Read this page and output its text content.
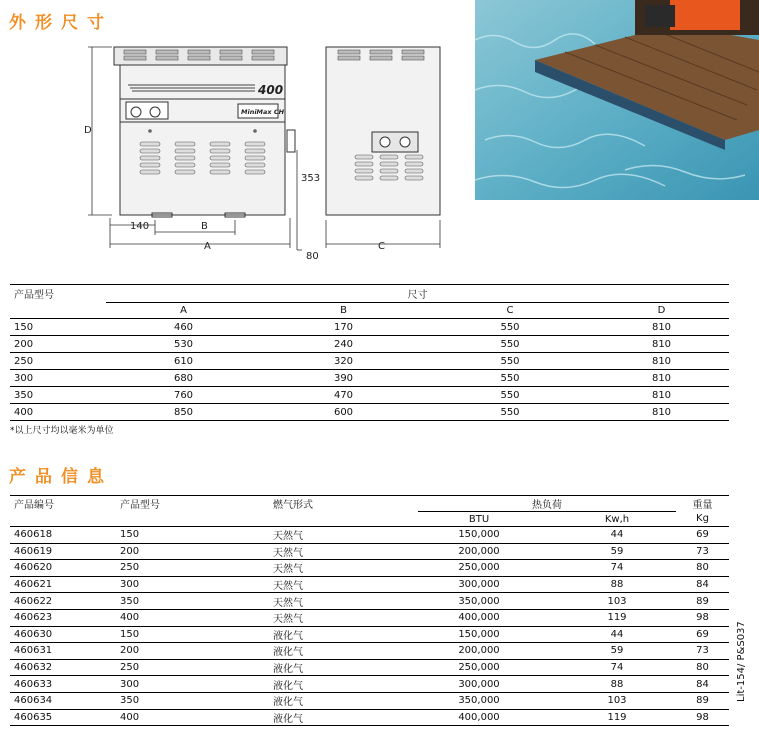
外形尺寸
400
MiniMax CH
D
B
A	C
140
353
80
产品型号	尺寸			
	A	B	C	D
150	460	170	550	810
200	530	240	550	810
250	610	320	550	810
300	680	390	550	810
350	760	470	550	810
400	850	600	550	810

*以上尺寸均以毫米为单位

产品信息
产品编号	产品型号	燃气形式	热负荷		重量
			BTU	Kw,h	Kg
460618	150	天然气	150,000	44	69
460619	200	天然气	200,000	59	73
460620	250	天然气	250,000	74	80
460621	300	天然气	300,000	88	84
460622	350	天然气	350,000	103	89
460623	400	天然气	400,000	119	98
460630	150	液化气	150,000	44	69
460631	200	液化气	200,000	59	73
460632	250	液化气	250,000	74	80
460633	300	液化气	300,000	88	84
460634	350	液化气	350,000	103	89
460635	400	液化气	400,000	119	98

Lit-154/ P&S037
